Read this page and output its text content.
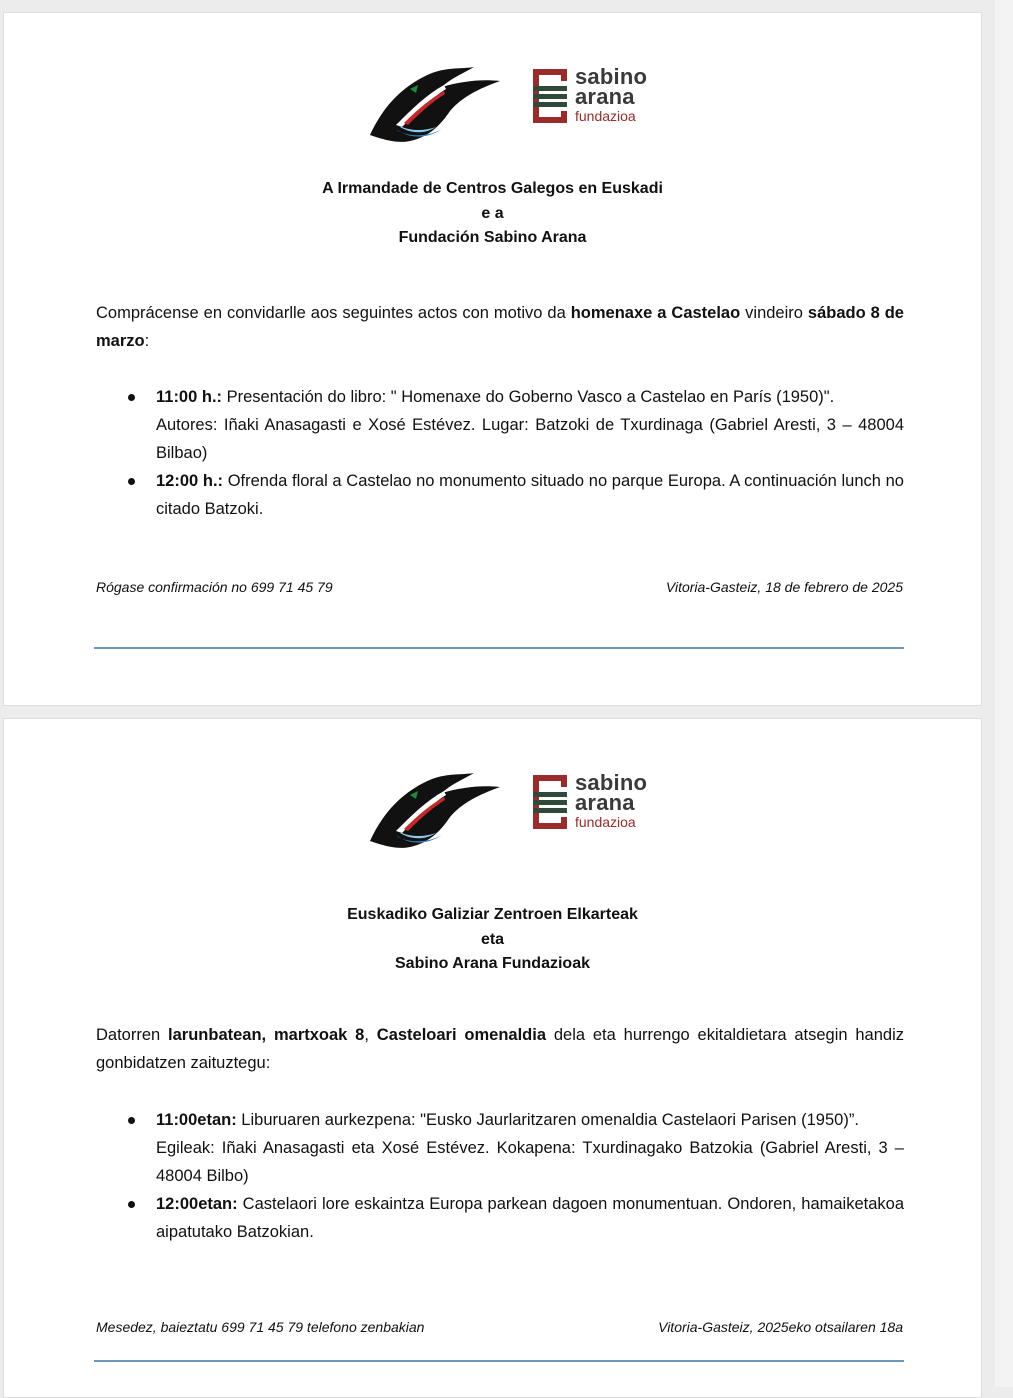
sabino
arana
fundazioa
A Irmandade de Centros Galegos en Euskadi
e a
Fundación Sabino Arana
Comprácense en convidarlle aos seguintes actos con motivo da homenaxe a Castelao vindeiro sábado 8 de marzo:
11:00 h.: Presentación do libro: " Homenaxe do Goberno Vasco a Castelao en París (1950)".
Autores: Iñaki Anasagasti e Xosé Estévez. Lugar: Batzoki de Txurdinaga (Gabriel Aresti, 3 – 48004 Bilbao)
12:00 h.: Ofrenda floral a Castelao no monumento situado no parque Europa. A continuación lunch no citado Batzoki.
Rógase confirmación no 699 71 45 79	Vitoria-Gasteiz, 18 de febrero de 2025
sabino
arana
fundazioa
Euskadiko Galiziar Zentroen Elkarteak
eta
Sabino Arana Fundazioak
Datorren larunbatean, martxoak 8, Casteloari omenaldia dela eta hurrengo ekitaldietara atsegin handiz gonbidatzen zaituztegu:
11:00etan: Liburuaren aurkezpena: "Eusko Jaurlaritzaren omenaldia Castelaori Parisen (1950)”.
Egileak: Iñaki Anasagasti eta Xosé Estévez. Kokapena: Txurdinagako Batzokia (Gabriel Aresti, 3 – 48004 Bilbo)
12:00etan: Castelaori lore eskaintza Europa parkean dagoen monumentuan. Ondoren, hamaiketakoa aipatutako Batzokian.
Mesedez, baieztatu 699 71 45 79 telefono zenbakian	Vitoria-Gasteiz, 2025eko otsailaren 18a
